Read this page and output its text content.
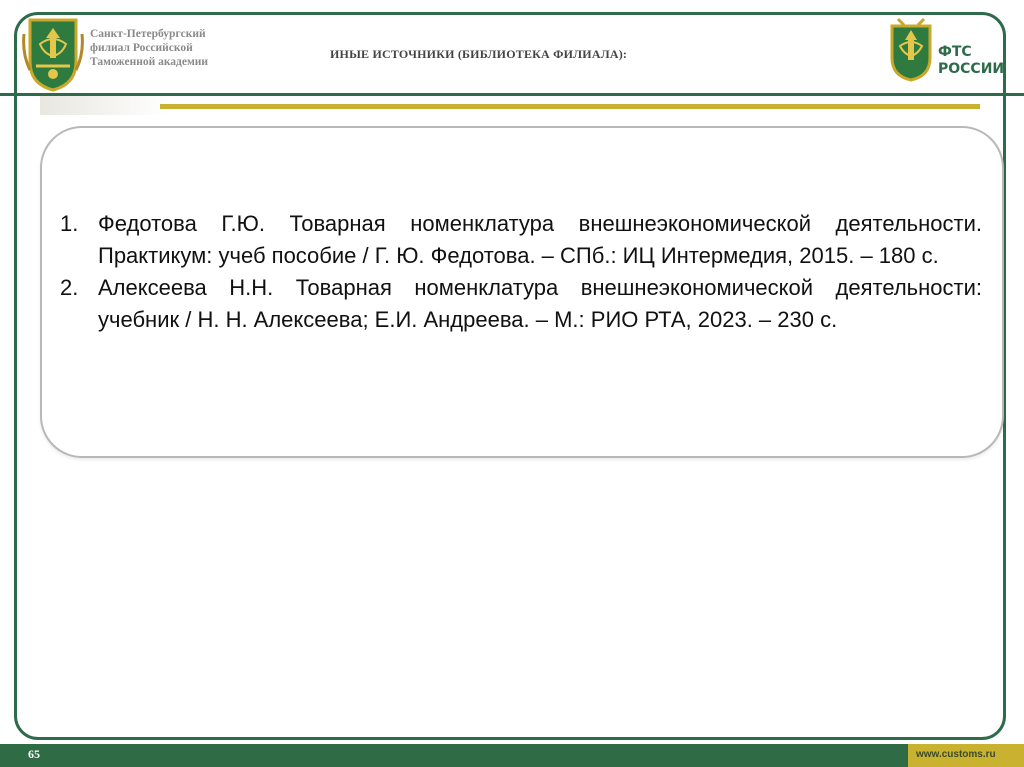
Санкт-Петербургский
филиал Российской
Таможенной академии
ИНЫЕ ИСТОЧНИКИ (БИБЛИОТЕКА ФИЛИАЛА):	ФТС
РОССИИ
1. Федотова Г.Ю. Товарная номенклатура внешнеэкономической деятельности. Практикум: учеб пособие / Г. Ю. Федотова. – СПб.: ИЦ Интермедия, 2015. – 180 с.
2. Алексеева Н.Н. Товарная номенклатура внешнеэкономической деятельности: учебник / Н. Н. Алексеева; Е.И. Андреева. – М.: РИО РТА, 2023. – 230 с.
65	www.customs.ru
